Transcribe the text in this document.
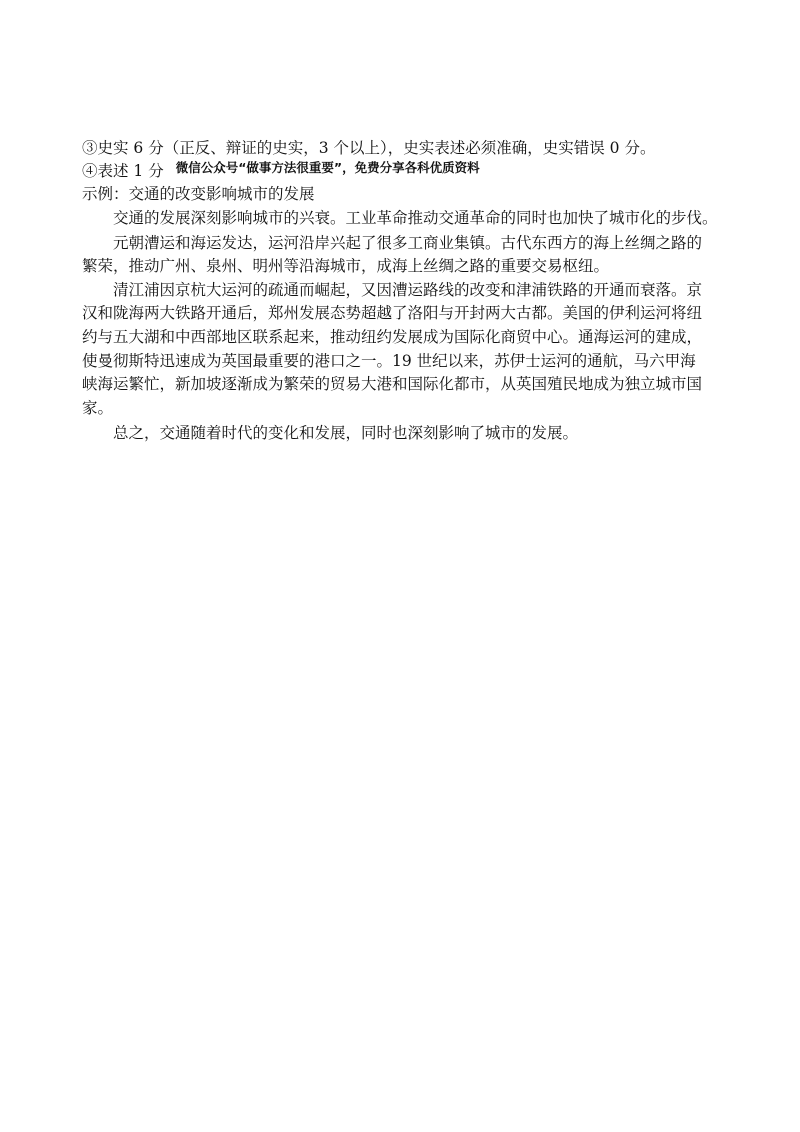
③史实 6 分（正反、辩证的史实，3 个以上），史实表述必须准确，史实错误 0 分。
④表述 1 分 $^{微信公众号“做事方法很重要”,免费分享各科优质资料}$
示例：交通的改变影响城市的发展
交通的发展深刻影响城市的兴衰。工业革命推动交通革命的同时也加快了城市化的步伐。
元朝漕运和海运发达，运河沿岸兴起了很多工商业集镇。古代东西方的海上丝绸之路的
繁荣，推动广州、泉州、明州等沿海城市，成海上丝绸之路的重要交易枢纽。
清江浦因京杭大运河的疏通而崛起，又因漕运路线的改变和津浦铁路的开通而衰落。京
汉和陇海两大铁路开通后，郑州发展态势超越了洛阳与开封两大古都。美国的伊利运河将纽
约与五大湖和中西部地区联系起来，推动纽约发展成为国际化商贸中心。通海运河的建成，
使曼彻斯特迅速成为英国最重要的港口之一。19 世纪以来，苏伊士运河的通航，马六甲海
峡海运繁忙，新加坡逐渐成为繁荣的贸易大港和国际化都市，从英国殖民地成为独立城市国
家。
总之，交通随着时代的变化和发展，同时也深刻影响了城市的发展。
